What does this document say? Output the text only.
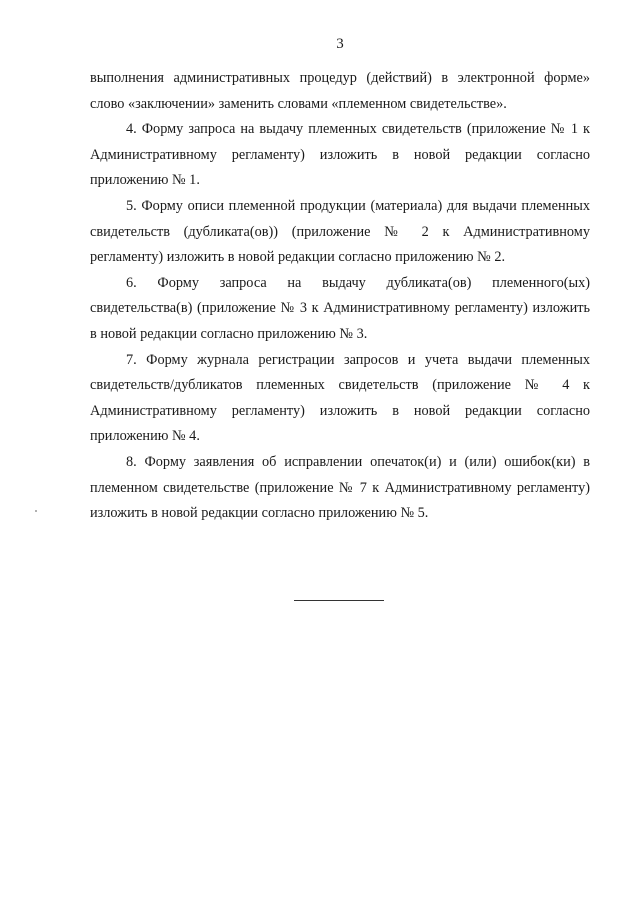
3

выполнения административных процедур (действий) в электронной форме» слово «заключении» заменить словами «племенном свидетельстве».

4. Форму запроса на выдачу племенных свидетельств (приложение № 1 к Административному регламенту) изложить в новой редакции согласно приложению № 1.

5. Форму описи племенной продукции (материала) для выдачи племенных свидетельств (дубликата(ов)) (приложение № 2 к Административному регламенту) изложить в новой редакции согласно приложению № 2.

6. Форму запроса на выдачу дубликата(ов) племенного(ых) свидетельства(в) (приложение № 3 к Административному регламенту) изложить в новой редакции согласно приложению № 3.

7. Форму журнала регистрации запросов и учета выдачи племенных свидетельств/дубликатов племенных свидетельств (приложение № 4 к Административному регламенту) изложить в новой редакции согласно приложению № 4.

8. Форму заявления об исправлении опечаток(и) и (или) ошибок(ки) в племенном свидетельстве (приложение № 7 к Административному регламенту) изложить в новой редакции согласно приложению № 5.
